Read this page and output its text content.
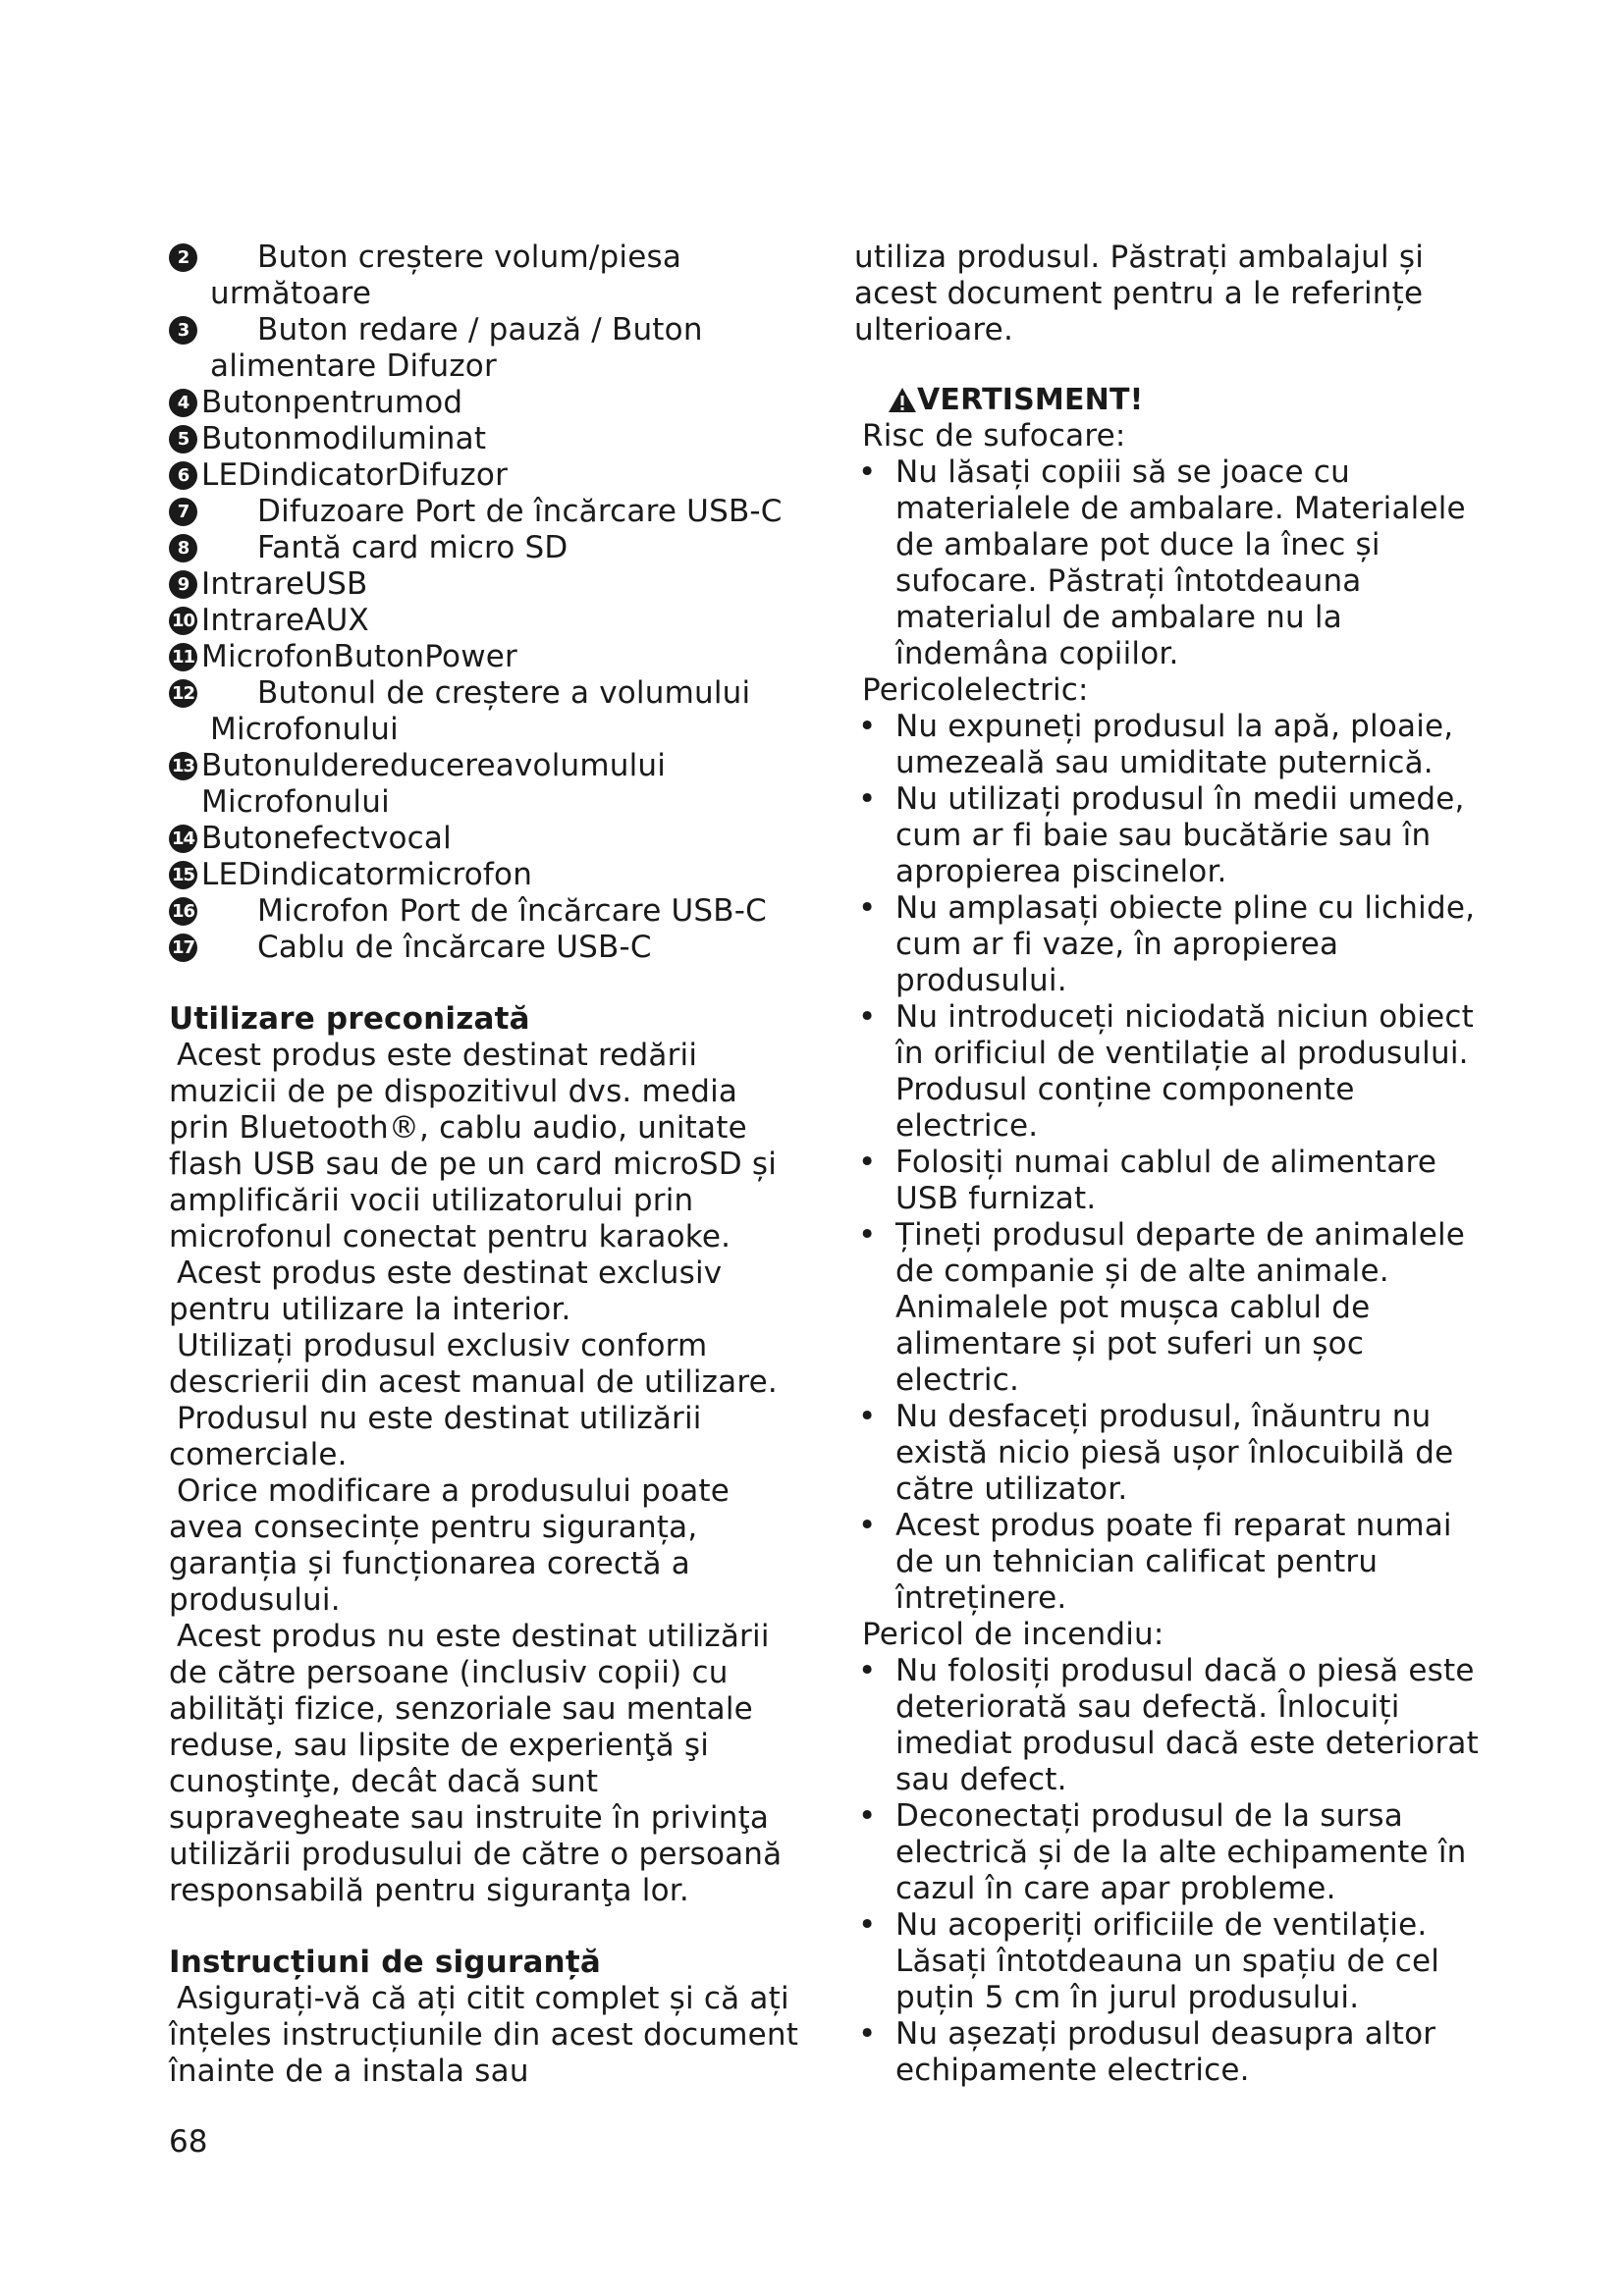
2 Buton creștere volum/piesa următoare
3 Buton redare / pauză / Buton alimentare Difuzor
4 Butonpentrumod
5 Butonmodiluminat
6 LEDindicatorDifuzor
7 Difuzoare Port de încărcare USB-C
8 Fantă card micro SD
9 IntrareUSB
10 IntrareAUX
11 MicrofonButonPower
12 Butonul de creștere a volumului Microfonului
13 Butonuldereducereavolumului Microfonului
14 Butonefectvocal
15 LEDindicatormicrofon
16 Microfon Port de încărcare USB-C
17 Cablu de încărcare USB-C
Utilizare preconizată

Acest produs este destinat redării muzicii de pe dispozitivul dvs. media prin Bluetooth®, cablu audio, unitate flash USB sau de pe un card microSD și amplificării vocii utilizatorului prin microfonul conectat pentru karaoke.

Acest produs este destinat exclusiv pentru utilizare la interior.

Utilizați produsul exclusiv conform descrierii din acest manual de utilizare.

Produsul nu este destinat utilizării comerciale.

Orice modificare a produsului poate avea consecințe pentru siguranța, garanția și funcționarea corectă a produsului.

Acest produs nu este destinat utilizării de către persoane (inclusiv copii) cu abilităţi fizice, senzoriale sau mentale reduse, sau lipsite de experienţă şi cunoştinţe, decât dacă sunt supravegheate sau instruite în privinţa utilizării produsului de către o persoană responsabilă pentru siguranţa lor.

Instrucțiuni de siguranță

Asigurați-vă că ați citit complet și că ați înțeles instrucțiunile din acest document înainte de a instala sau

utiliza produsul. Păstrați ambalajul și acest document pentru a le referințe ulterioare.

VERTISMENT!

Risc de sufocare:

• Nu lăsați copiii să se joace cu materialele de ambalare. Materialele de ambalare pot duce la înec și sufocare. Păstrați întotdeauna materialul de ambalare nu la îndemâna copiilor.

Pericolelectric:

• Nu expuneți produsul la apă, ploaie, umezeală sau umiditate puternică.
• Nu utilizați produsul în medii umede, cum ar fi baie sau bucătărie sau în apropierea piscinelor.
• Nu amplasați obiecte pline cu lichide, cum ar fi vaze, în apropierea produsului.
• Nu introduceți niciodată niciun obiect în orificiul de ventilație al produsului. Produsul conține componente electrice.
• Folosiți numai cablul de alimentare USB furnizat.
• Țineți produsul departe de animalele de companie și de alte animale. Animalele pot mușca cablul de alimentare și pot suferi un șoc electric.
• Nu desfaceți produsul, înăuntru nu există nicio piesă ușor înlocuibilă de către utilizator.
• Acest produs poate fi reparat numai de un tehnician calificat pentru întreținere.

Pericol de incendiu:

• Nu folosiți produsul dacă o piesă este deteriorată sau defectă. Înlocuiți imediat produsul dacă este deteriorat sau defect.
• Deconectați produsul de la sursa electrică și de la alte echipamente în cazul în care apar probleme.
• Nu acoperiți orificiile de ventilație. Lăsați întotdeauna un spațiu de cel puțin 5 cm în jurul produsului.
• Nu așezați produsul deasupra altor echipamente electrice.
68
